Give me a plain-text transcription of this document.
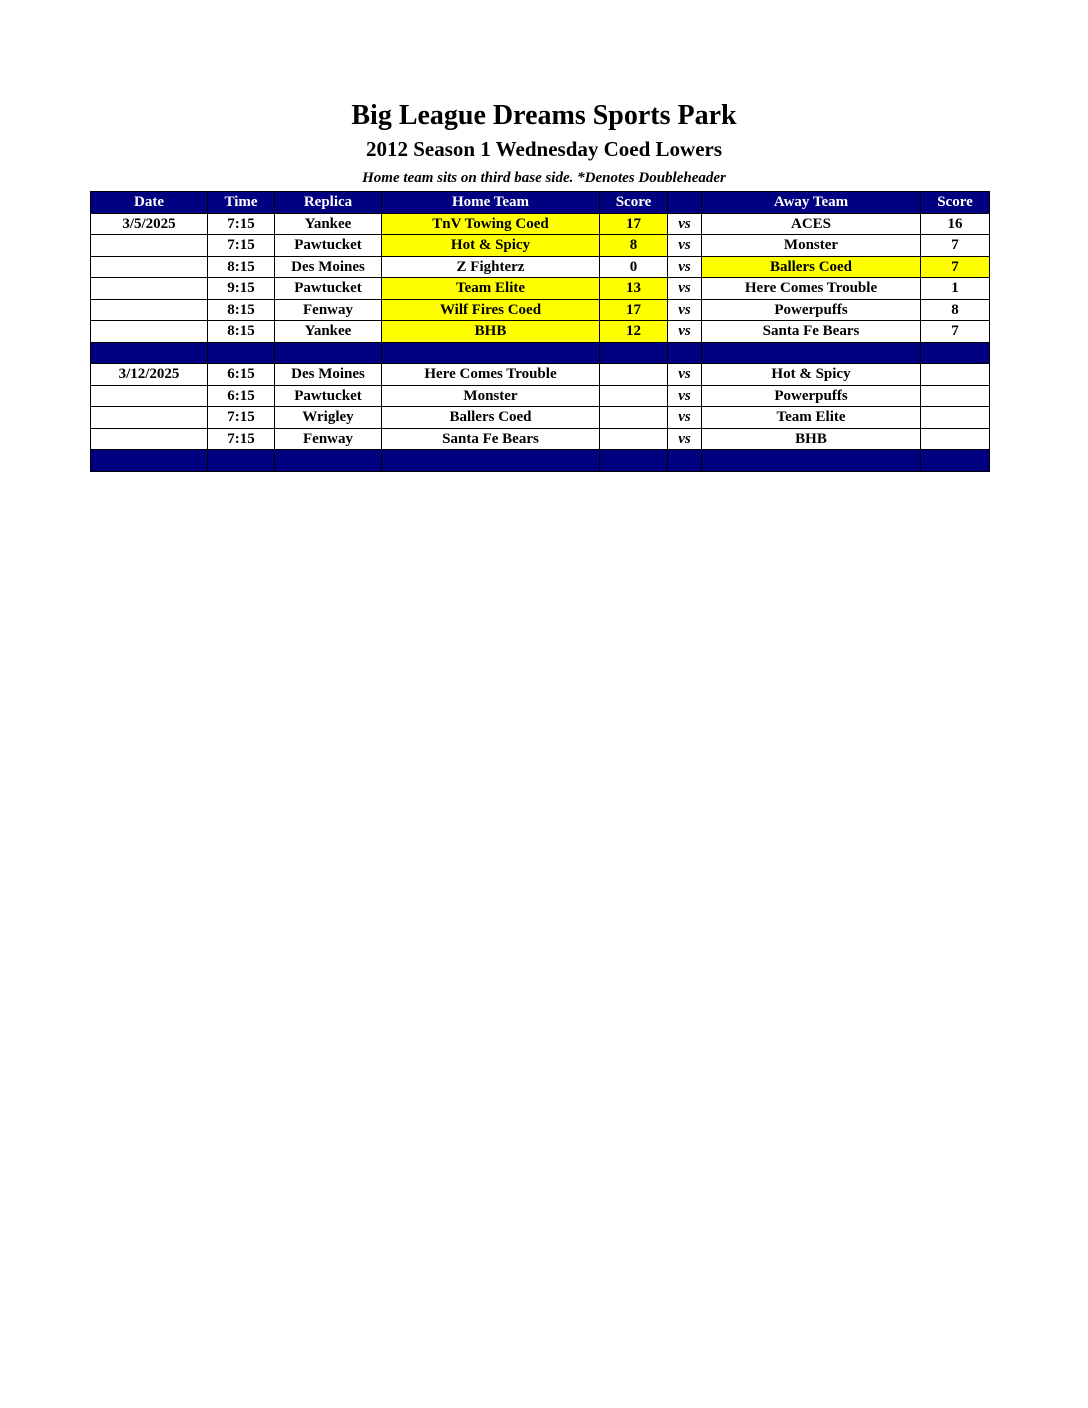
Big League Dreams Sports Park
2012 Season 1 Wednesday Coed Lowers
Home team sits on third base side. *Denotes Doubleheader
Date	Time	Replica	Home Team	Score		Away Team	Score
3/5/2025	7:15	Yankee	TnV Towing Coed	17	vs	ACES	16
	7:15	Pawtucket	Hot & Spicy	8	vs	Monster	7
	8:15	Des Moines	Z Fighterz	0	vs	Ballers Coed	7
	9:15	Pawtucket	Team Elite	13	vs	Here Comes Trouble	1
	8:15	Fenway	Wilf Fires Coed	17	vs	Powerpuffs	8
	8:15	Yankee	BHB	12	vs	Santa Fe Bears	7

3/12/2025	6:15	Des Moines	Here Comes Trouble		vs	Hot & Spicy	
	6:15	Pawtucket	Monster		vs	Powerpuffs	
	7:15	Wrigley	Ballers Coed		vs	Team Elite	
	7:15	Fenway	Santa Fe Bears		vs	BHB	
